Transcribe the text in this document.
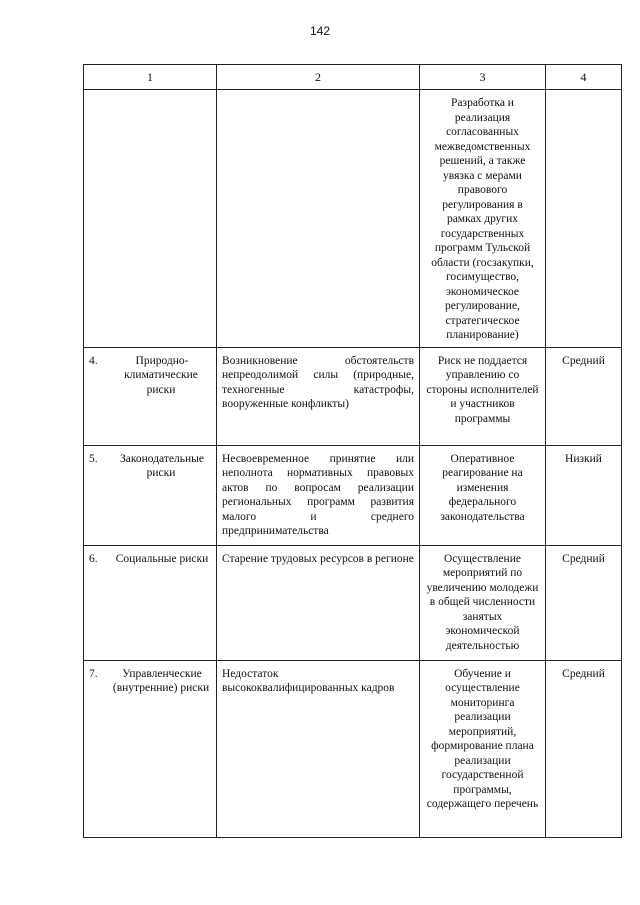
142
1	2	3	4
		Разработка и реализация согласованных межведомственных решений, а также увязка с мерами правового регулирования в рамках других государственных программ Тульской области (госзакупки, госимущество, экономическое регулирование, стратегическое планирование)	

4. Природно-климатические риски	Возникновение обстоятельств непреодолимой силы (природные, техногенные катастрофы, вооруженные конфликты)	Риск не поддается управлению со стороны исполнителей и участников программы	Средний

5. Законодательные риски	Несвоевременное принятие или неполнота нормативных правовых актов по вопросам реализации региональных программ развития малого и среднего предпринимательства	Оперативное реагирование на изменения федерального законодательства	Низкий

6. Социальные риски	Старение трудовых ресурсов в регионе	Осуществление мероприятий по увеличению молодежи в общей численности занятых экономической деятельностью	Средний

7. Управленческие (внутренние) риски	Недостаток высококвалифицированных кадров	Обучение и осуществление мониторинга реализации мероприятий, формирование плана реализации государственной программы, содержащего перечень	Средний
